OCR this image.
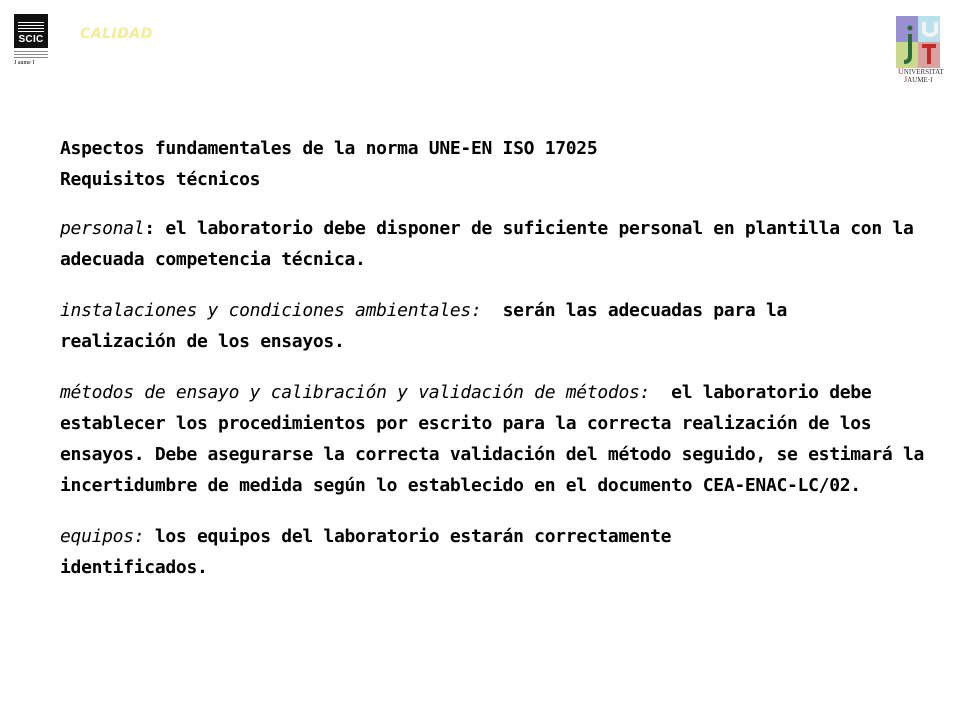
SCIC
J aume I
CALIDAD
UNIVERSITAT
JAUME·I

Aspectos fundamentales de la norma UNE-EN ISO 17025

Requisitos técnicos

personal: el laboratorio debe disponer de suficiente personal en plantilla con la adecuada competencia técnica.

instalaciones y condiciones ambientales: serán las adecuadas para la realización de los ensayos.

métodos de ensayo y calibración y validación de métodos: el laboratorio debe establecer los procedimientos por escrito para la correcta realización de los ensayos. Debe asegurarse la correcta validación del método seguido, se estimará la incertidumbre de medida según lo establecido en el documento CEA-ENAC-LC/02.

equipos: los equipos del laboratorio estarán correctamente identificados.
